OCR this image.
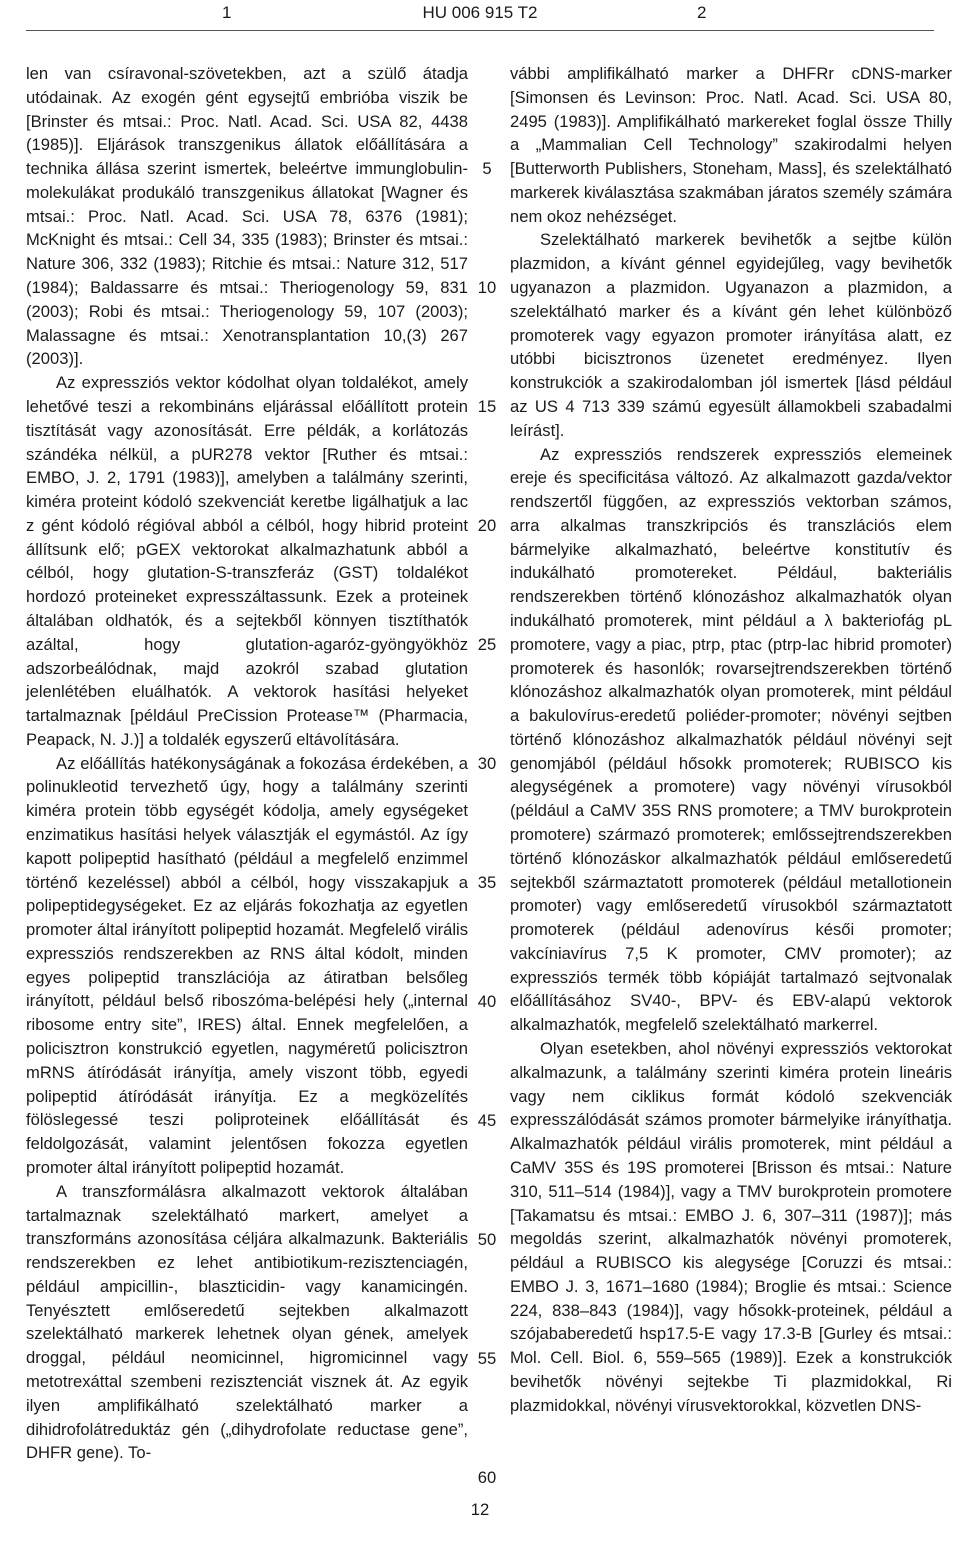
1	HU 006 915 T2	2

len van csíravonal-szövetekben, azt a szülő átadja utódainak. Az exogén gént egysejtű embrióba viszik be [Brinster és mtsai.: Proc. Natl. Acad. Sci. USA 82, 4438 (1985)]. Eljárások transzgenikus állatok előállítására a technika állása szerint ismertek, beleértve immunglobulin-molekulákat produkáló transzgenikus állatokat [Wagner és mtsai.: Proc. Natl. Acad. Sci. USA 78, 6376 (1981); McKnight és mtsai.: Cell 34, 335 (1983); Brinster és mtsai.: Nature 306, 332 (1983); Ritchie és mtsai.: Nature 312, 517 (1984); Baldassarre és mtsai.: Theriogenology 59, 831 (2003); Robi és mtsai.: Theriogenology 59, 107 (2003); Malassagne és mtsai.: Xenotransplantation 10,(3) 267 (2003)].

Az expressziós vektor kódolhat olyan toldalékot, amely lehetővé teszi a rekombináns eljárással előállított protein tisztítását vagy azonosítását. Erre példák, a korlátozás szándéka nélkül, a pUR278 vektor [Ruther és mtsai.: EMBO, J. 2, 1791 (1983)], amelyben a találmány szerinti, kiméra proteint kódoló szekvenciát keretbe ligálhatjuk a lac z gént kódoló régióval abból a célból, hogy hibrid proteint állítsunk elő; pGEX vektorokat alkalmazhatunk abból a célból, hogy glutation-S-transzferáz (GST) toldalékot hordozó proteineket expresszáltassunk. Ezek a proteinek általában oldhatók, és a sejtekből könnyen tisztíthatók azáltal, hogy glutation-agaróz-gyöngyökhöz adszorbeálódnak, majd azokról szabad glutation jelenlétében eluálhatók. A vektorok hasítási helyeket tartalmaznak [például PreCission Protease™ (Pharmacia, Peapack, N. J.)] a toldalék egyszerű eltávolítására.

Az előállítás hatékonyságának a fokozása érdekében, a polinukleotid tervezhető úgy, hogy a találmány szerinti kiméra protein több egységét kódolja, amely egységeket enzimatikus hasítási helyek választják el egymástól. Az így kapott polipeptid hasítható (például a megfelelő enzimmel történő kezeléssel) abból a célból, hogy visszakapjuk a polipeptidegységeket. Ez az eljárás fokozhatja az egyetlen promoter által irányított polipeptid hozamát. Megfelelő virális expressziós rendszerekben az RNS által kódolt, minden egyes polipeptid transzlációja az átiratban belsőleg irányított, például belső riboszóma-belépési hely („internal ribosome entry site”, IRES) által. Ennek megfelelően, a policisztron konstrukció egyetlen, nagyméretű policisztron mRNS átíródását irányítja, amely viszont több, egyedi polipeptid átíródását irányítja. Ez a megközelítés fölöslegessé teszi poliproteinek előállítását és feldolgozását, valamint jelentősen fokozza egyetlen promoter által irányított polipeptid hozamát.

A transzformálásra alkalmazott vektorok általában tartalmaznak szelektálható markert, amelyet a transzformáns azonosítása céljára alkalmazunk. Bakteriális rendszerekben ez lehet antibiotikum-rezisztenciagén, például ampicillin-, blaszticidin- vagy kanamicingén. Tenyésztett emlőseredetű sejtekben alkalmazott szelektálható markerek lehetnek olyan gének, amelyek droggal, például neomicinnel, higromicinnel vagy metotrexáttal szembeni rezisztenciát visznek át. Az egyik ilyen amplifikálható szelektálható marker a dihidrofolátreduktáz gén („dihydrofolate reductase gene”, DHFR gene). To-

5
10
15
20
25
30
35
40
45
50
55
60

vábbi amplifikálható marker a DHFRr cDNS-marker [Simonsen és Levinson: Proc. Natl. Acad. Sci. USA 80, 2495 (1983)]. Amplifikálható markereket foglal össze Thilly a „Mammalian Cell Technology” szakirodalmi helyen [Butterworth Publishers, Stoneham, Mass], és szelektálható markerek kiválasztása szakmában járatos személy számára nem okoz nehézséget.

Szelektálható markerek bevihetők a sejtbe külön plazmidon, a kívánt génnel egyidejűleg, vagy bevihetők ugyanazon a plazmidon. Ugyanazon a plazmidon, a szelektálható marker és a kívánt gén lehet különböző promoterek vagy egyazon promoter irányítása alatt, ez utóbbi bicisztronos üzenetet eredményez. Ilyen konstrukciók a szakirodalomban jól ismertek [lásd például az US 4 713 339 számú egyesült államokbeli szabadalmi leírást].

Az expressziós rendszerek expressziós elemeinek ereje és specificitása változó. Az alkalmazott gazda/vektor rendszertől függően, az expressziós vektorban számos, arra alkalmas transzkripciós és transzlációs elem bármelyike alkalmazható, beleértve konstitutív és indukálható promotereket. Például, bakteriális rendszerekben történő klónozáshoz alkalmazhatók olyan indukálható promoterek, mint például a λ bakteriofág pL promotere, vagy a piac, ptrp, ptac (ptrp-lac hibrid promoter) promoterek és hasonlók; rovarsejtrendszerekben történő klónozáshoz alkalmazhatók olyan promoterek, mint például a bakulovírus-eredetű poliéder-promoter; növényi sejtben történő klónozáshoz alkalmazhatók például növényi sejt genomjából (például hősokk promoterek; RUBISCO kis alegységének a promotere) vagy növényi vírusokból (például a CaMV 35S RNS promotere; a TMV burokprotein promotere) származó promoterek; emlőssejtrendszerekben történő klónozáskor alkalmazhatók például emlőseredetű sejtekből származtatott promoterek (például metallotionein promoter) vagy emlőseredetű vírusokból származtatott promoterek (például adenovírus késői promoter; vakcíniavírus 7,5 K promoter, CMV promoter); az expressziós termék több kópiáját tartalmazó sejtvonalak előállításához SV40-, BPV- és EBV-alapú vektorok alkalmazhatók, megfelelő szelektálható markerrel.

Olyan esetekben, ahol növényi expressziós vektorokat alkalmazunk, a találmány szerinti kiméra protein lineáris vagy nem ciklikus formát kódoló szekvenciák expresszálódását számos promoter bármelyike irányíthatja. Alkalmazhatók például virális promoterek, mint például a CaMV 35S és 19S promoterei [Brisson és mtsai.: Nature 310, 511–514 (1984)], vagy a TMV burokprotein promotere [Takamatsu és mtsai.: EMBO J. 6, 307–311 (1987)]; más megoldás szerint, alkalmazhatók növényi promoterek, például a RUBISCO kis alegysége [Coruzzi és mtsai.: EMBO J. 3, 1671–1680 (1984); Broglie és mtsai.: Science 224, 838–843 (1984)], vagy hősokk-proteinek, például a szójababeredetű hsp17.5-E vagy 17.3-B [Gurley és mtsai.: Mol. Cell. Biol. 6, 559–565 (1989)]. Ezek a konstrukciók bevihetők növényi sejtekbe Ti plazmidokkal, Ri plazmidokkal, növényi vírusvektorokkal, közvetlen DNS-

12
